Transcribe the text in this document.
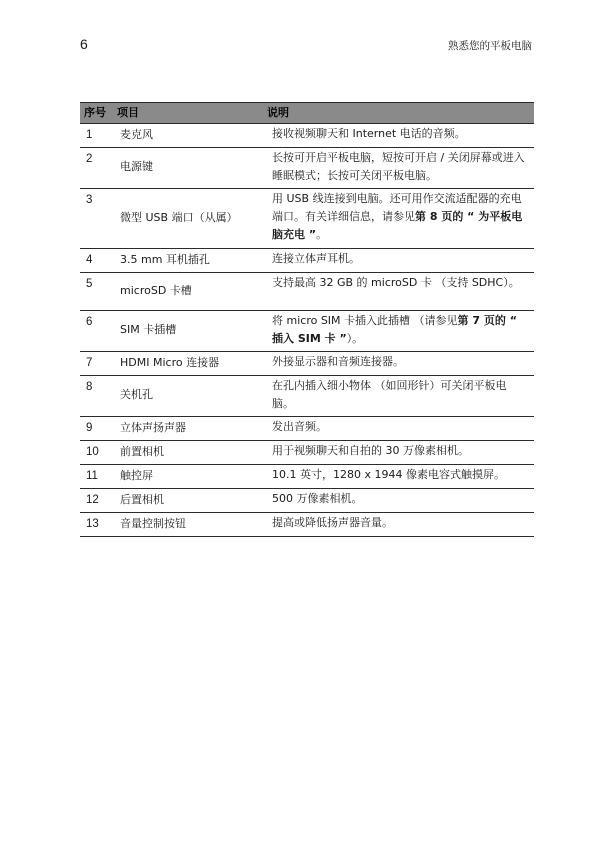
6	熟悉您的平板电脑
序号	项目	说明
1	麦克风	接收视频聊天和 Internet 电话的音频。
2	电源键	长按可开启平板电脑，短按可开启 / 关闭屏幕或进入睡眠模式；长按可关闭平板电脑。
3	微型 USB 端口（从属）	用 USB 线连接到电脑。还可用作交流适配器的充电端口。有关详细信息，请参见第 8 页的 “ 为平板电脑充电 ”。
4	3.5 mm 耳机插孔	连接立体声耳机。
5	microSD 卡槽	支持最高 32 GB 的 microSD 卡 （支持 SDHC）。
6	SIM 卡插槽	将 micro SIM 卡插入此插槽 （请参见第 7 页的 “ 插入 SIM 卡 ”）。
7	HDMI Micro 连接器	外接显示器和音频连接器。
8	关机孔	在孔内插入细小物体 （如回形针）可关闭平板电脑。
9	立体声扬声器	发出音频。
10	前置相机	用于视频聊天和自拍的 30 万像素相机。
11	触控屏	10.1 英寸，1280 x 1944 像素电容式触摸屏。
12	后置相机	500 万像素相机。
13	音量控制按钮	提高或降低扬声器音量。
